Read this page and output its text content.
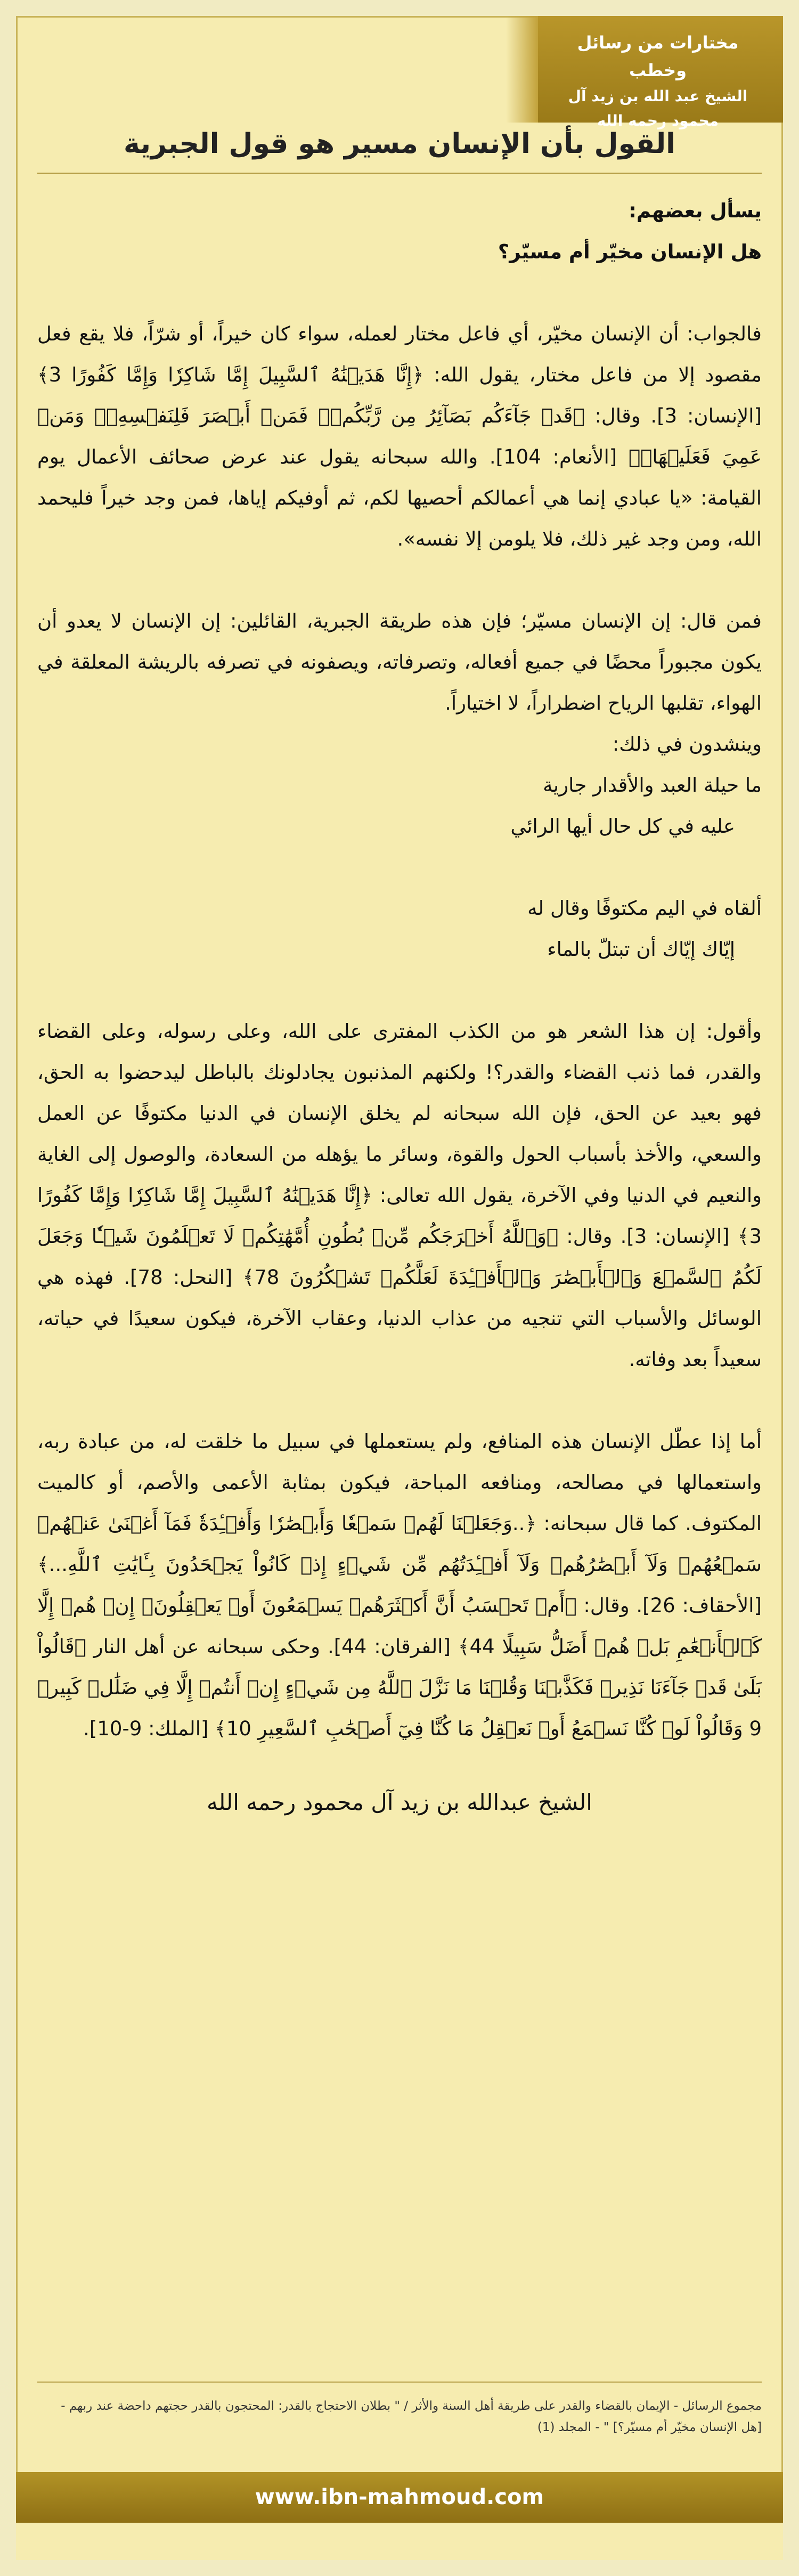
مختارات من رسائل وخطب
الشيخ عبد الله بن زيد آل محمود رحمه الله
القول بأن الإنسان مسير هو قول الجبرية

يسأل بعضهم:

هل الإنسان مخيّر أم مسيّر؟

فالجواب: أن الإنسان مخيّر، أي فاعل مختار لعمله، سواء كان خيراً، أو شرّاً، فلا يقع فعل مقصود إلا من فاعل مختار، يقول الله: ﴿إِنَّا هَدَيۡنَٰهُ ٱلسَّبِيلَ إِمَّا شَاكِرٗا وَإِمَّا كَفُورًا 3﴾ [الإنسان: 3]. وقال: ﴿قَدۡ جَآءَكُم بَصَآئِرُ مِن رَّبِّكُمۡۖ فَمَنۡ أَبۡصَرَ فَلِنَفۡسِهِۦۖ وَمَنۡ عَمِيَ فَعَلَيۡهَاۚ﴾ [الأنعام: 104]. والله سبحانه يقول عند عرض صحائف الأعمال يوم القيامة: «يا عبادي إنما هي أعمالكم أحصيها لكم، ثم أوفيكم إياها، فمن وجد خيراً فليحمد الله، ومن وجد غير ذلك، فلا يلومن إلا نفسه».

فمن قال: إن الإنسان مسيّر؛ فإن هذه طريقة الجبرية، القائلين: إن الإنسان لا يعدو أن يكون مجبوراً محضًا في جميع أفعاله، وتصرفاته، ويصفونه في تصرفه بالريشة المعلقة في الهواء، تقلبها الرياح اضطراراً، لا اختياراً.

وينشدون في ذلك:

ما حيلة العبد والأقدار جارية
عليه في كل حال أيها الرائي
ألقاه في اليم مكتوفًا وقال له
إيّاك إيّاك أن تبتلّ بالماء

وأقول: إن هذا الشعر هو من الكذب المفترى على الله، وعلى رسوله، وعلى القضاء والقدر، فما ذنب القضاء والقدر؟! ولكنهم المذنبون يجادلونك بالباطل ليدحضوا به الحق، فهو بعيد عن الحق، فإن الله سبحانه لم يخلق الإنسان في الدنيا مكتوفًا عن العمل والسعي، والأخذ بأسباب الحول والقوة، وسائر ما يؤهله من السعادة، والوصول إلى الغاية والنعيم في الدنيا وفي الآخرة، يقول الله تعالى: ﴿إِنَّا هَدَيۡنَٰهُ ٱلسَّبِيلَ إِمَّا شَاكِرٗا وَإِمَّا كَفُورًا 3﴾ [الإنسان: 3]. وقال: ﴿وَٱللَّهُ أَخۡرَجَكُم مِّنۢ بُطُونِ أُمَّهَٰتِكُمۡ لَا تَعۡلَمُونَ شَيۡـٔٗا وَجَعَلَ لَكُمُ ٱلسَّمۡعَ وَٱلۡأَبۡصَٰرَ وَٱلۡأَفۡـِٔدَةَ لَعَلَّكُمۡ تَشۡكُرُونَ 78﴾ [النحل: 78]. فهذه هي الوسائل والأسباب التي تنجيه من عذاب الدنيا، وعقاب الآخرة، فيكون سعيدًا في حياته، سعيداً بعد وفاته.

أما إذا عطّل الإنسان هذه المنافع، ولم يستعملها في سبيل ما خلقت له، من عبادة ربه، واستعمالها في مصالحه، ومنافعه المباحة، فيكون بمثابة الأعمى والأصم، أو كالميت المكتوف. كما قال سبحانه: ﴿..وَجَعَلۡنَا لَهُمۡ سَمۡعٗا وَأَبۡصَٰرٗا وَأَفۡـِٔدَةٗ فَمَآ أَغۡنَىٰ عَنۡهُمۡ سَمۡعُهُمۡ وَلَآ أَبۡصَٰرُهُمۡ وَلَآ أَفۡـِٔدَتُهُم مِّن شَيۡءٍ إِذۡ كَانُواْ يَجۡحَدُونَ بِـَٔايَٰتِ ٱللَّهِ...﴾ [الأحقاف: 26]. وقال: ﴿أَمۡ تَحۡسَبُ أَنَّ أَكۡثَرَهُمۡ يَسۡمَعُونَ أَوۡ يَعۡقِلُونَۚ إِنۡ هُمۡ إِلَّا كَٱلۡأَنۡعَٰمِ بَلۡ هُمۡ أَضَلُّ سَبِيلًا 44﴾ [الفرقان: 44]. وحكى سبحانه عن أهل النار ﴿قَالُواْ بَلَىٰ قَدۡ جَآءَنَا نَذِيرٞ فَكَذَّبۡنَا وَقُلۡنَا مَا نَزَّلَ ٱللَّهُ مِن شَيۡءٍ إِنۡ أَنتُمۡ إِلَّا فِي ضَلَٰلٖ كَبِيرٖ 9 وَقَالُواْ لَوۡ كُنَّا نَسۡمَعُ أَوۡ نَعۡقِلُ مَا كُنَّا فِيٓ أَصۡحَٰبِ ٱلسَّعِيرِ 10﴾ [الملك: 9-10].

الشيخ عبدالله بن زيد آل محمود رحمه الله
مجموع الرسائل - الإيمان بالقضاء والقدر على طريقة أهل السنة والأثر / " بطلان الاحتجاج بالقدر: المحتجون بالقدر حجتهم داحضة عند ربهم - [هل الإنسان مخيّر أم مسيّر؟] " - المجلد (1)
www.ibn-mahmoud.com
